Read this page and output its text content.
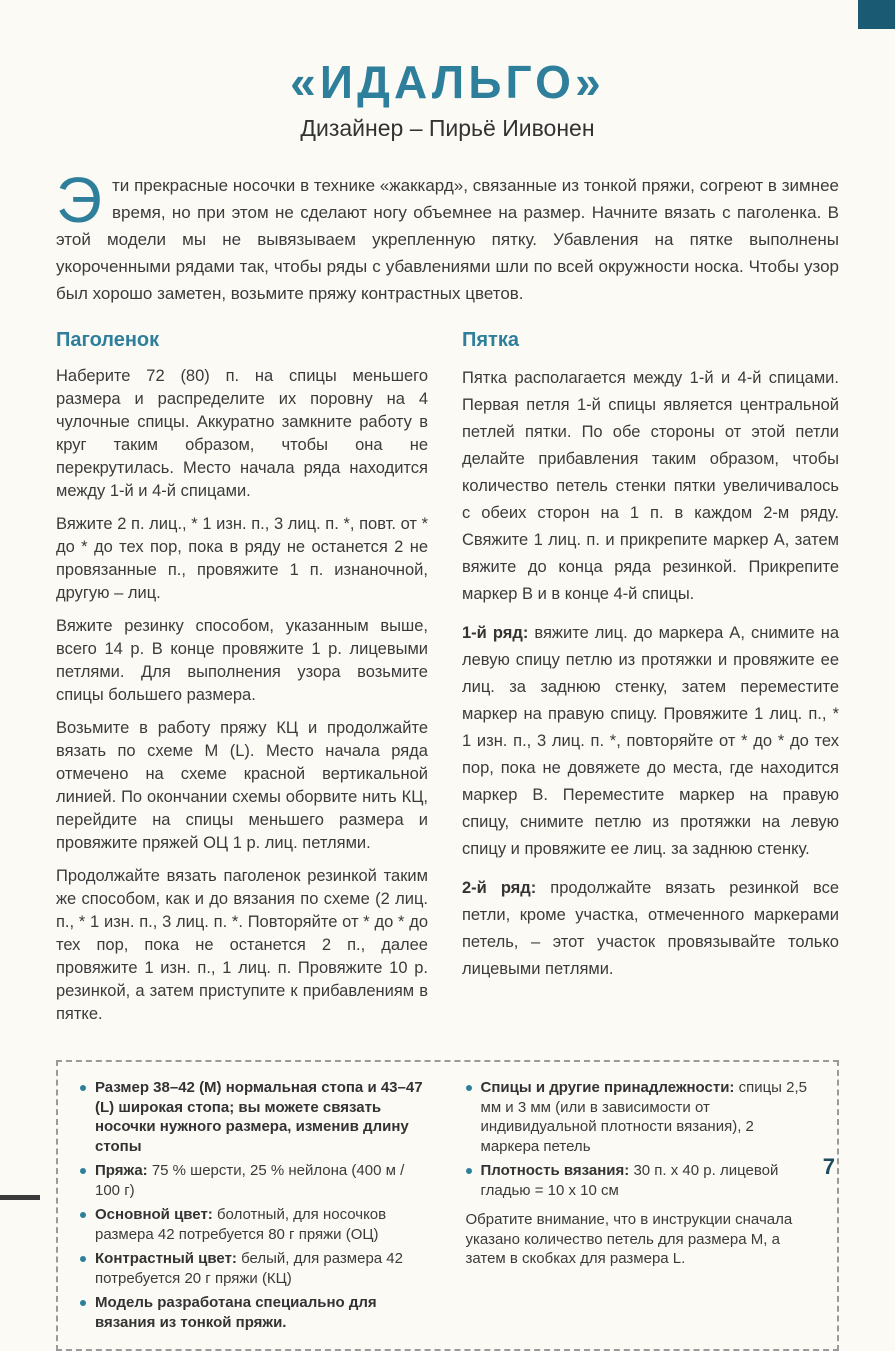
«ИДАЛЬГО»
Дизайнер – Пирьё Иивонен

Эти прекрасные носочки в технике «жаккард», связанные из тонкой пряжи, согреют в зимнее время, но при этом не сделают ногу объемнее на размер. Начните вязать с паголенка. В этой модели мы не вывязываем укрепленную пятку. Убавления на пятке выполнены укороченными рядами так, чтобы ряды с убавлениями шли по всей окружности носка. Чтобы узор был хорошо заметен, возьмите пряжу контрастных цветов.

Паголенок

Наберите 72 (80) п. на спицы меньшего размера и распределите их поровну на 4 чулочные спицы. Аккуратно замкните работу в круг таким образом, чтобы она не перекрутилась. Место начала ряда находится между 1-й и 4-й спицами.

Вяжите 2 п. лиц., * 1 изн. п., 3 лиц. п. *, повт. от * до * до тех пор, пока в ряду не останется 2 не провязанные п., провяжите 1 п. изнаночной, другую – лиц.

Вяжите резинку способом, указанным выше, всего 14 р. В конце провяжите 1 р. лицевыми петлями. Для выполнения узора возьмите спицы большего размера.

Возьмите в работу пряжу КЦ и продолжайте вязать по схеме M (L). Место начала ряда отмечено на схеме красной вертикальной линией. По окончании схемы оборвите нить КЦ, перейдите на спицы меньшего размера и провяжите пряжей ОЦ 1 р. лиц. петлями.

Продолжайте вязать паголенок резинкой таким же способом, как и до вязания по схеме (2 лиц. п., * 1 изн. п., 3 лиц. п. *. Повторяйте от * до * до тех пор, пока не останется 2 п., далее провяжите 1 изн. п., 1 лиц. п. Провяжите 10 р. резинкой, а затем приступите к прибавлениям в пятке.

Пятка

Пятка располагается между 1-й и 4-й спицами. Первая петля 1-й спицы является центральной петлей пятки. По обе стороны от этой петли делайте прибавления таким образом, чтобы количество петель стенки пятки увеличивалось с обеих сторон на 1 п. в каждом 2-м ряду. Свяжите 1 лиц. п. и прикрепите маркер A, затем вяжите до конца ряда резинкой. Прикрепите маркер B и в конце 4-й спицы.

1-й ряд: вяжите лиц. до маркера A, снимите на левую спицу петлю из протяжки и провяжите ее лиц. за заднюю стенку, затем переместите маркер на правую спицу. Провяжите 1 лиц. п., * 1 изн. п., 3 лиц. п. *, повторяйте от * до * до тех пор, пока не довяжете до места, где находится маркер B. Переместите маркер на правую спицу, снимите петлю из протяжки на левую спицу и провяжите ее лиц. за заднюю стенку.

2-й ряд: продолжайте вязать резинкой все петли, кроме участка, отмеченного маркерами петель, – этот участок провязывайте только лицевыми петлями.

Размер 38–42 (M) нормальная стопа и 43–47 (L) широкая стопа; вы можете связать носочки нужного размера, изменив длину стопы
Пряжа: 75 % шерсти, 25 % нейлона (400 м / 100 г)
Основной цвет: болотный, для носочков размера 42 потребуется 80 г пряжи (ОЦ)
Контрастный цвет: белый, для размера 42 потребуется 20 г пряжи (КЦ)
Модель разработана специально для вязания из тонкой пряжи.
Спицы и другие принадлежности: спицы 2,5 мм и 3 мм (или в зависимости от индивидуальной плотности вязания), 2 маркера петель
Плотность вязания: 30 п. x 40 р. лицевой гладью = 10 x 10 см

Обратите внимание, что в инструкции сначала указано количество петель для размера M, а затем в скобках для размера L.

7
